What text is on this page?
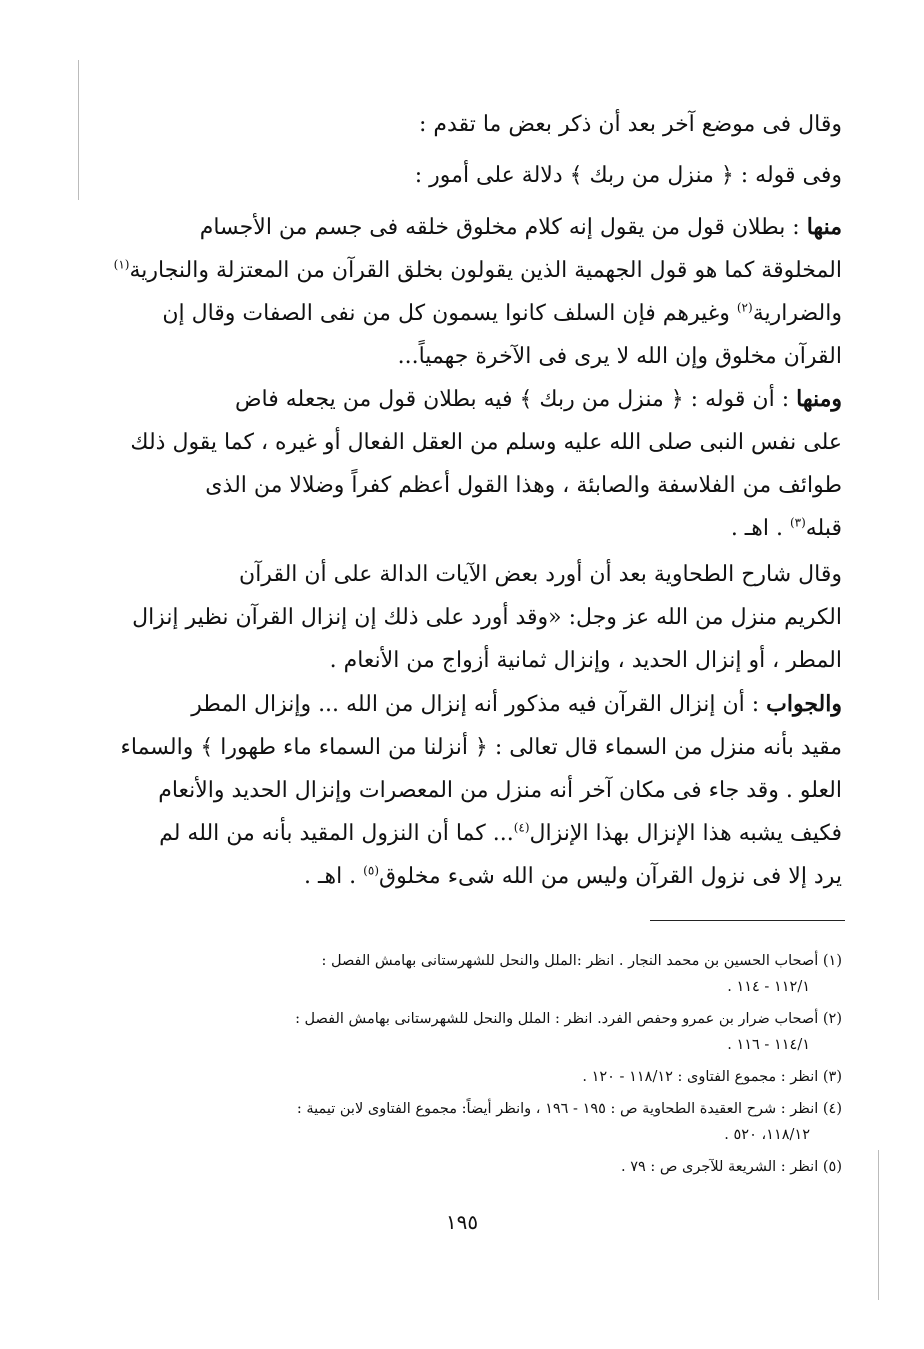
وقال فى موضع آخر بعد أن ذكر بعض ما تقدم :
وفى قوله : ﴿ منزل من ربك ﴾ دلالة على أمور :
منها : بطلان قول من يقول إنه كلام مخلوق خلقه فى جسم من الأجسام
المخلوقة كما هو قول الجهمية الذين يقولون بخلق القرآن من المعتزلة والنجارية$^{(١)}$
والضرارية$^{(٢)}$ وغيرهم فإن السلف كانوا يسمون كل من نفى الصفات وقال إن
القرآن مخلوق وإن الله لا يرى فى الآخرة جهمياً...
ومنها : أن قوله : ﴿ منزل من ربك ﴾ فيه بطلان قول من يجعله فاض
على نفس النبى صلى الله عليه وسلم من العقل الفعال أو غيره ، كما يقول ذلك
طوائف من الفلاسفة والصابئة ، وهذا القول أعظم كفراً وضلالا من الذى
قبله$^{(٣)}$ . اهـ .
وقال شارح الطحاوية بعد أن أورد بعض الآيات الدالة على أن القرآن
الكريم منزل من الله عز وجل: «وقد أورد على ذلك إن إنزال القرآن نظير إنزال
المطر ، أو إنزال الحديد ، وإنزال ثمانية أزواج من الأنعام .
والجواب : أن إنزال القرآن فيه مذكور أنه إنزال من الله ... وإنزال المطر
مقيد بأنه منزل من السماء قال تعالى : ﴿ أنزلنا من السماء ماء طهورا ﴾ والسماء
العلو . وقد جاء فى مكان آخر أنه منزل من المعصرات وإنزال الحديد والأنعام
فكيف يشبه هذا الإنزال بهذا الإنزال$^{(٤)}$... كما أن النزول المقيد بأنه من الله لم
يرد إلا فى نزول القرآن وليس من الله شىء مخلوق$^{(٥)}$ . اهـ .
(١) أصحاب الحسين بن محمد النجار . انظر :الملل والنحل للشهرستانى بهامش الفصل :
١١٢/١ - ١١٤ .
(٢) أصحاب ضرار بن عمرو وحفص الفرد. انظر : الملل والنحل للشهرستانى بهامش الفصل :
١١٤/١ - ١١٦ .
(٣) انظر : مجموع الفتاوى : ١١٨/١٢ - ١٢٠ .
(٤) انظر : شرح العقيدة الطحاوية ص : ١٩٥ - ١٩٦ ، وانظر أيضاً: مجموع الفتاوى لابن تيمية :
١١٨/١٢، ٥٢٠ .
(٥) انظر : الشريعة للآجرى ص : ٧٩ .
١٩٥
